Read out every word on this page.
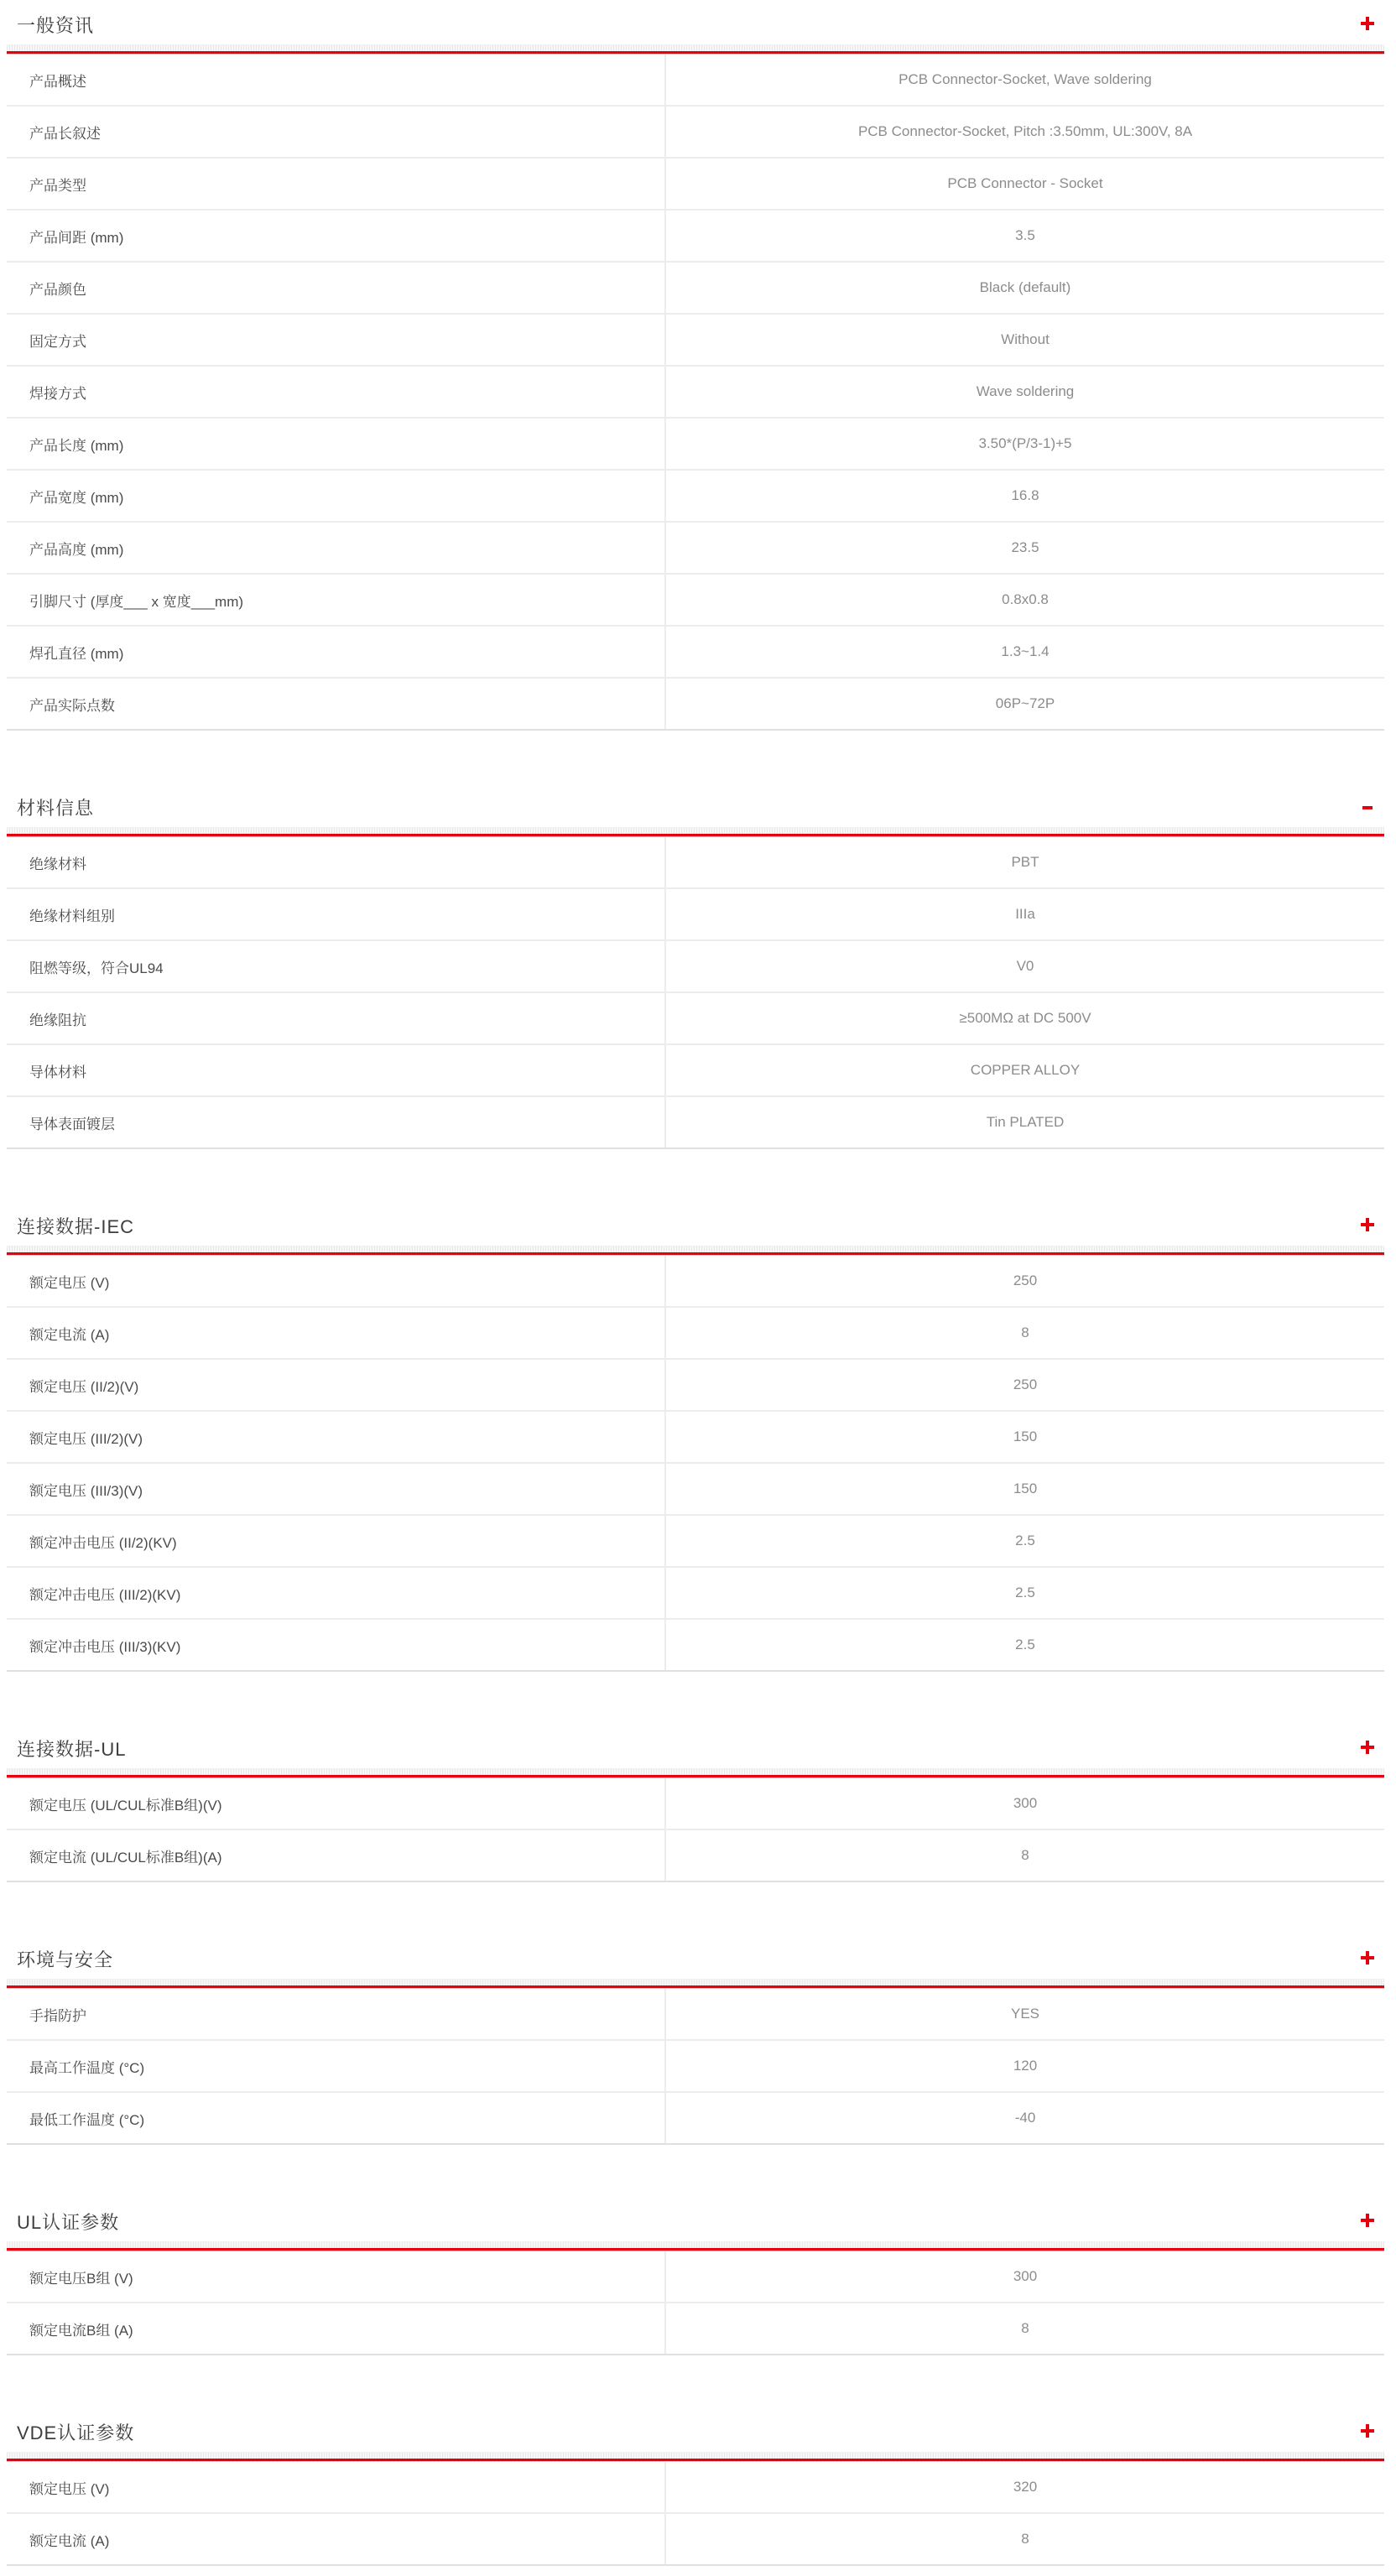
一般资讯
产品概述	PCB Connector-Socket, Wave soldering
产品长叙述	PCB Connector-Socket, Pitch :3.50mm, UL:300V, 8A
产品类型	PCB Connector - Socket
产品间距 (mm)	3.5
产品颜色	Black (default)
固定方式	Without
焊接方式	Wave soldering
产品长度 (mm)	3.50*(P/3-1)+5
产品宽度 (mm)	16.8
产品高度 (mm)	23.5
引脚尺寸 (厚度___ x 宽度___mm)	0.8x0.8
焊孔直径 (mm)	1.3~1.4
产品实际点数	06P~72P
材料信息
绝缘材料	PBT
绝缘材料组别	IIIa
阻燃等级，符合UL94	V0
绝缘阻抗	≥500MΩ at DC 500V
导体材料	COPPER ALLOY
导体表面镀层	Tin PLATED
连接数据-IEC
额定电压 (V)	250
额定电流 (A)	8
额定电压 (II/2)(V)	250
额定电压 (III/2)(V)	150
额定电压 (III/3)(V)	150
额定冲击电压 (II/2)(KV)	2.5
额定冲击电压 (III/2)(KV)	2.5
额定冲击电压 (III/3)(KV)	2.5
连接数据-UL
额定电压 (UL/CUL标准B组)(V)	300
额定电流 (UL/CUL标准B组)(A)	8
环境与安全
手指防护	YES
最高工作温度 (°C)	120
最低工作温度 (°C)	-40
UL认证参数
额定电压B组 (V)	300
额定电流B组 (A)	8
VDE认证参数
额定电压 (V)	320
额定电流 (A)	8
